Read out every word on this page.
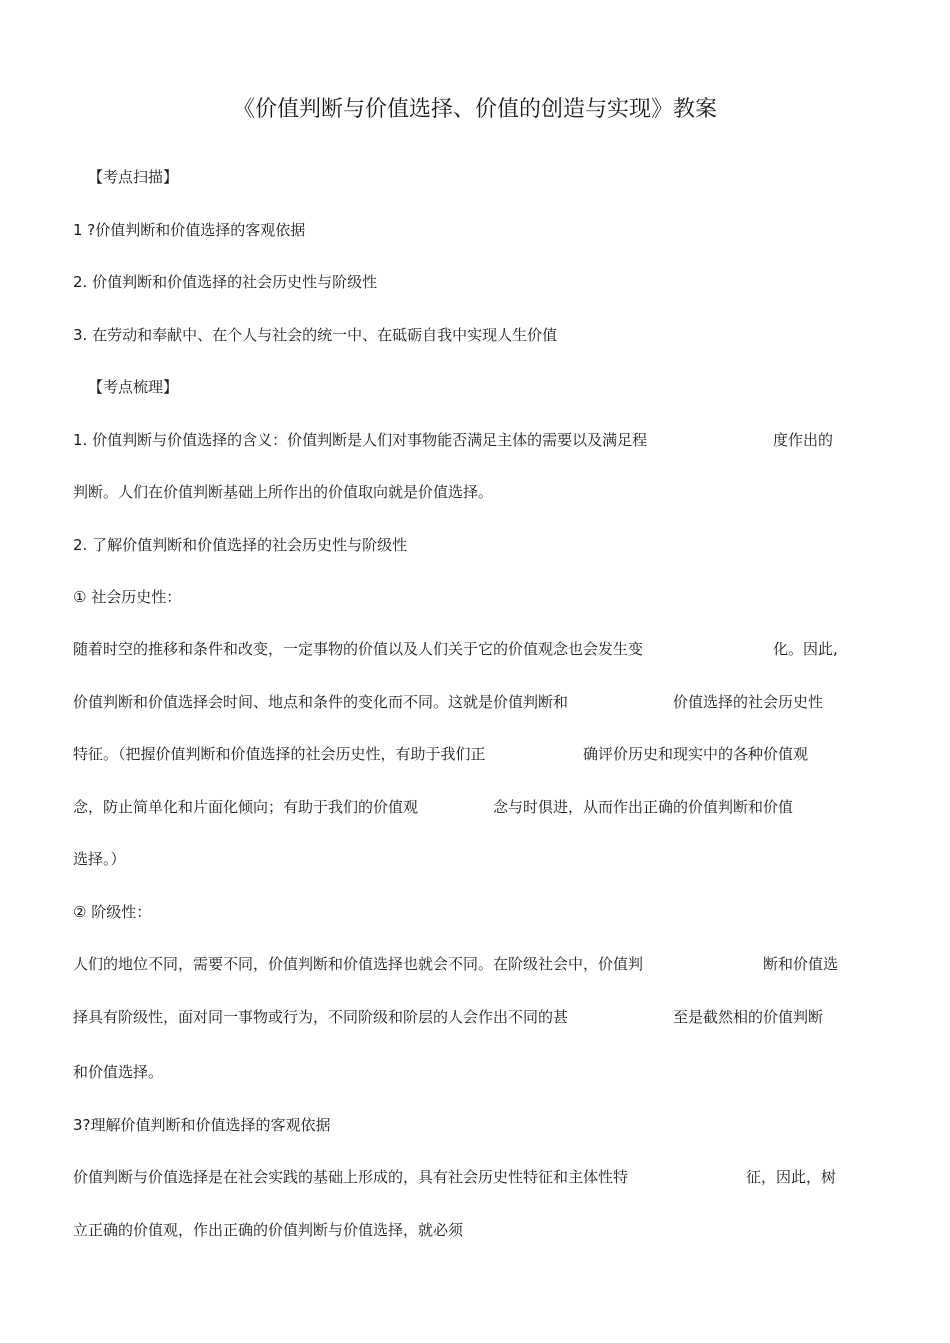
《价值判断与价值选择、价值的创造与实现》教案
【考点扫描】
1 ?价值判断和价值选择的客观依据
2. 价值判断和价值选择的社会历史性与阶级性
3. 在劳动和奉献中、在个人与社会的统一中、在砥砺自我中实现人生价值
【考点梳理】
1. 价值判断与价值选择的含义：价值判断是人们对事物能否满足主体的需要以及满足程	度作出的
判断。人们在价值判断基础上所作出的价值取向就是价值选择。
2. 了解价值判断和价值选择的社会历史性与阶级性
① 社会历史性：
随着时空的推移和条件和改变，一定事物的价值以及人们关于它的价值观念也会发生变	化。因此,
价值判断和价值选择会时间、地点和条件的变化而不同。这就是价值判断和	价值选择的社会历史性
特征。（把握价值判断和价值选择的社会历史性，有助于我们正	确评价历史和现实中的各种价值观
念，防止简单化和片面化倾向；有助于我们的价值观	念与时俱进，从而作出正确的价值判断和价值
选择。）
② 阶级性：
人们的地位不同，需要不同，价值判断和价值选择也就会不同。在阶级社会中，价值判	断和价值选
择具有阶级性，面对同一事物或行为，不同阶级和阶层的人会作出不同的甚	至是截然相的价值判断
和价值选择。
3?理解价值判断和价值选择的客观依据
价值判断与价值选择是在社会实践的基础上形成的，具有社会历史性特征和主体性特	征，因此，树
立正确的价值观，作出正确的价值判断与价值选择，就必须
